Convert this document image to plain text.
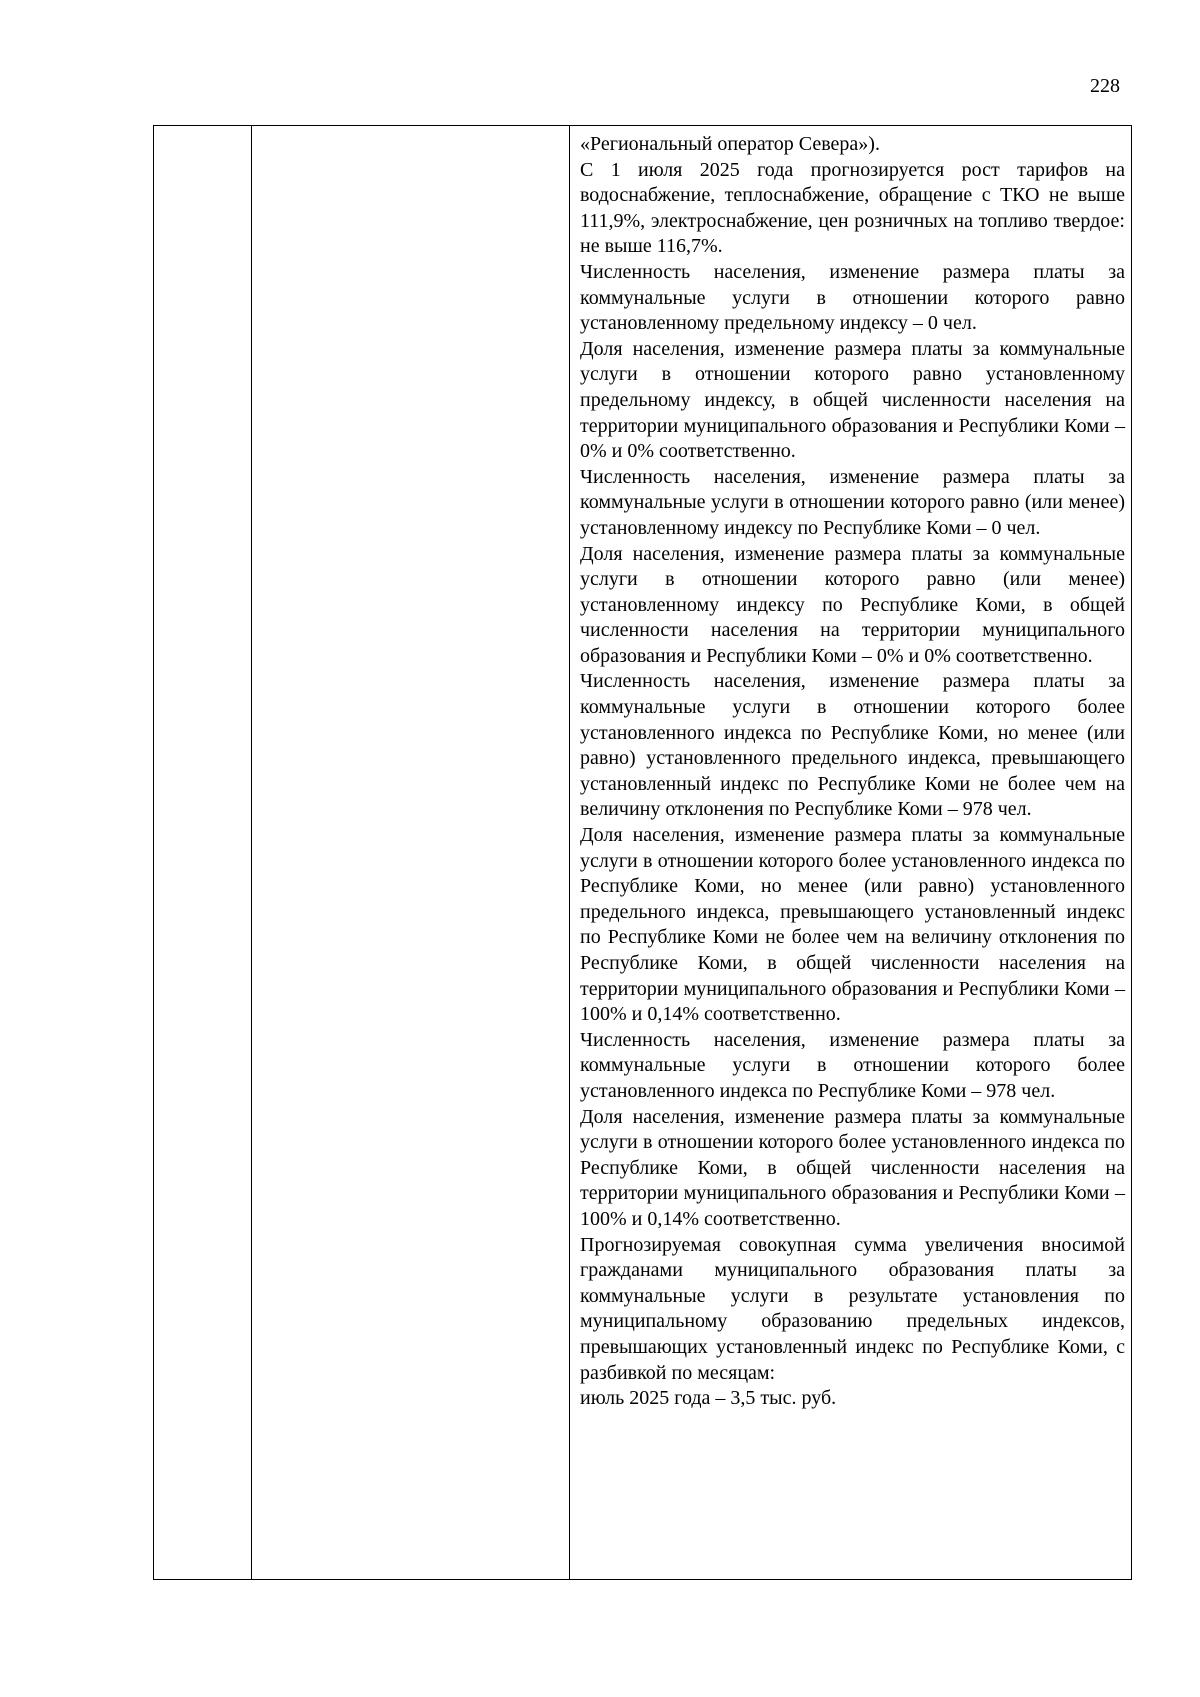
228

«Региональный оператор Севера»).

С 1 июля 2025 года прогнозируется рост тарифов на водоснабжение, теплоснабжение, обращение с ТКО не выше 111,9%, электроснабжение, цен розничных на топливо твердое: не выше 116,7%.

Численность населения, изменение размера платы за коммунальные услуги в отношении которого равно установленному предельному индексу – 0 чел.

Доля населения, изменение размера платы за коммунальные услуги в отношении которого равно установленному предельному индексу, в общей численности населения на территории муниципального образования и Республики Коми – 0% и 0% соответственно.

Численность населения, изменение размера платы за коммунальные услуги в отношении которого равно (или менее) установленному индексу по Республике Коми – 0 чел.

Доля населения, изменение размера платы за коммунальные услуги в отношении которого равно (или менее) установленному индексу по Республике Коми, в общей численности населения на территории муниципального образования и Республики Коми – 0% и 0% соответственно.

Численность населения, изменение размера платы за коммунальные услуги в отношении которого более установленного индекса по Республике Коми, но менее (или равно) установленного предельного индекса, превышающего установленный индекс по Республике Коми не более чем на величину отклонения по Республике Коми – 978 чел.

Доля населения, изменение размера платы за коммунальные услуги в отношении которого более установленного индекса по Республике Коми, но менее (или равно) установленного предельного индекса, превышающего установленный индекс по Республике Коми не более чем на величину отклонения по Республике Коми, в общей численности населения на территории муниципального образования и Республики Коми – 100% и 0,14% соответственно.

Численность населения, изменение размера платы за коммунальные услуги в отношении которого более установленного индекса по Республике Коми – 978 чел.

Доля населения, изменение размера платы за коммунальные услуги в отношении которого более установленного индекса по Республике Коми, в общей численности населения на территории муниципального образования и Республики Коми – 100% и 0,14% соответственно.

Прогнозируемая совокупная сумма увеличения вносимой гражданами муниципального образования платы за коммунальные услуги в результате установления по муниципальному образованию предельных индексов, превышающих установленный индекс по Республике Коми, с разбивкой по месяцам:

июль 2025 года – 3,5 тыс. руб.
